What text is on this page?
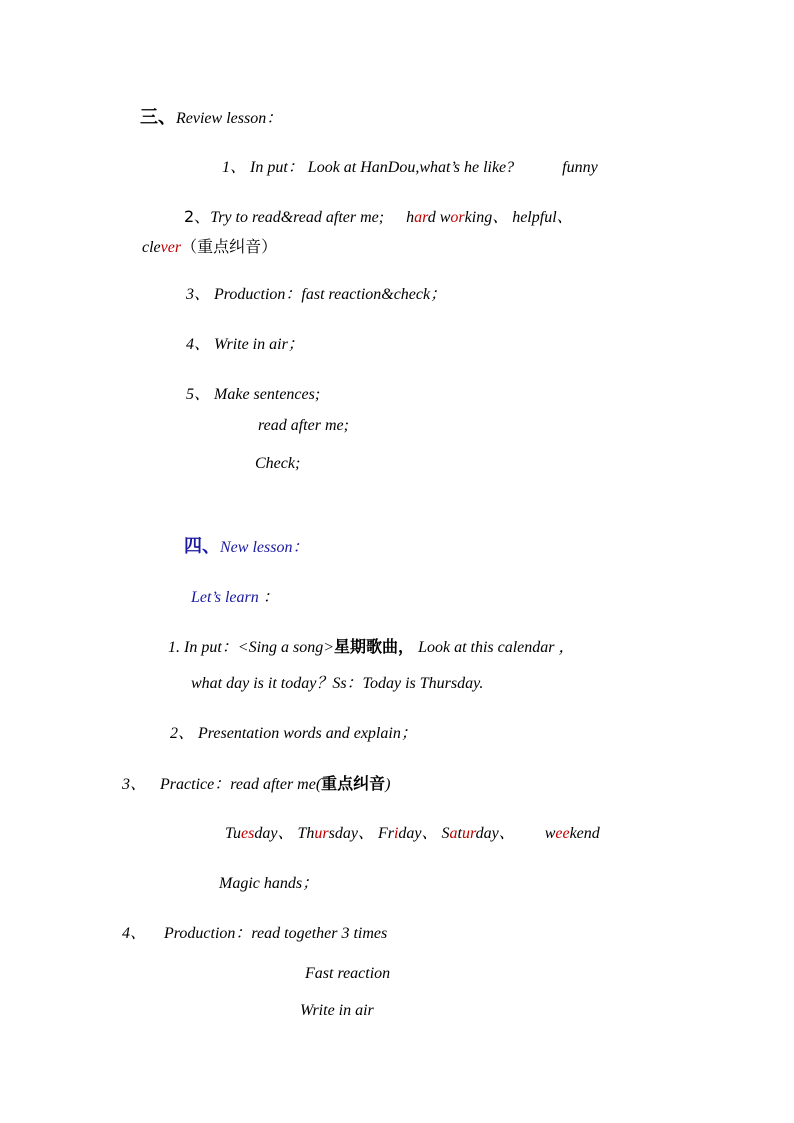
三、Review lesson：
1、 In put： Look at HanDou,what’s he like?	funny
2、Try to read&read after me; hard working、 helpful、
clever（重点纠音）
3、 Production：fast reaction&check；
4、 Write in air；
5、 Make sentences;
read after me;
Check;
四、New lesson：
Let’s learn ：
1. In put：<Sing a song>星期歌曲， Look at this calendar ，
what day is it today？Ss：Today is Thursday.
2、 Presentation words and explain；
3、 Practice：read after me(重点纠音)
Tuesday、 Thursday、 Friday、 Saturday、 weekend
Magic hands；
4、 Production：read together 3 times
Fast reaction
Write in air
